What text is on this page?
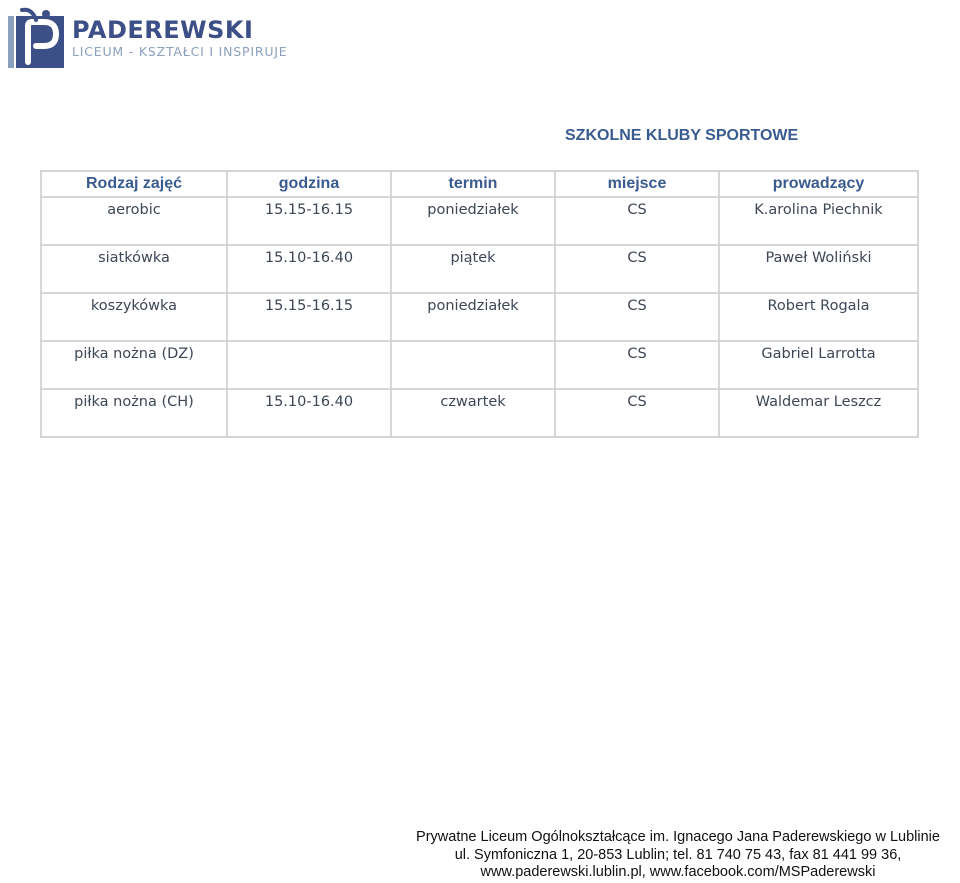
PADEREWSKI
LICEUM - KSZTAŁCI I INSPIRUJE
SZKOLNE KLUBY SPORTOWE
Rodzaj zajęć	godzina	termin	miejsce	prowadzący
aerobic	15.15-16.15	poniedziałek	CS	K.arolina Piechnik
siatkówka	15.10-16.40	piątek	CS	Paweł Woliński
koszykówka	15.15-16.15	poniedziałek	CS	Robert Rogala
piłka nożna (DZ)			CS	Gabriel Larrotta
piłka nożna (CH)	15.10-16.40	czwartek	CS	Waldemar Leszcz
Prywatne Liceum Ogólnokształcące im. Ignacego Jana Paderewskiego w Lublinie
ul. Symfoniczna 1, 20-853 Lublin; tel. 81 740 75 43, fax 81 441 99 36,
www.paderewski.lublin.pl, www.facebook.com/MSPaderewski
